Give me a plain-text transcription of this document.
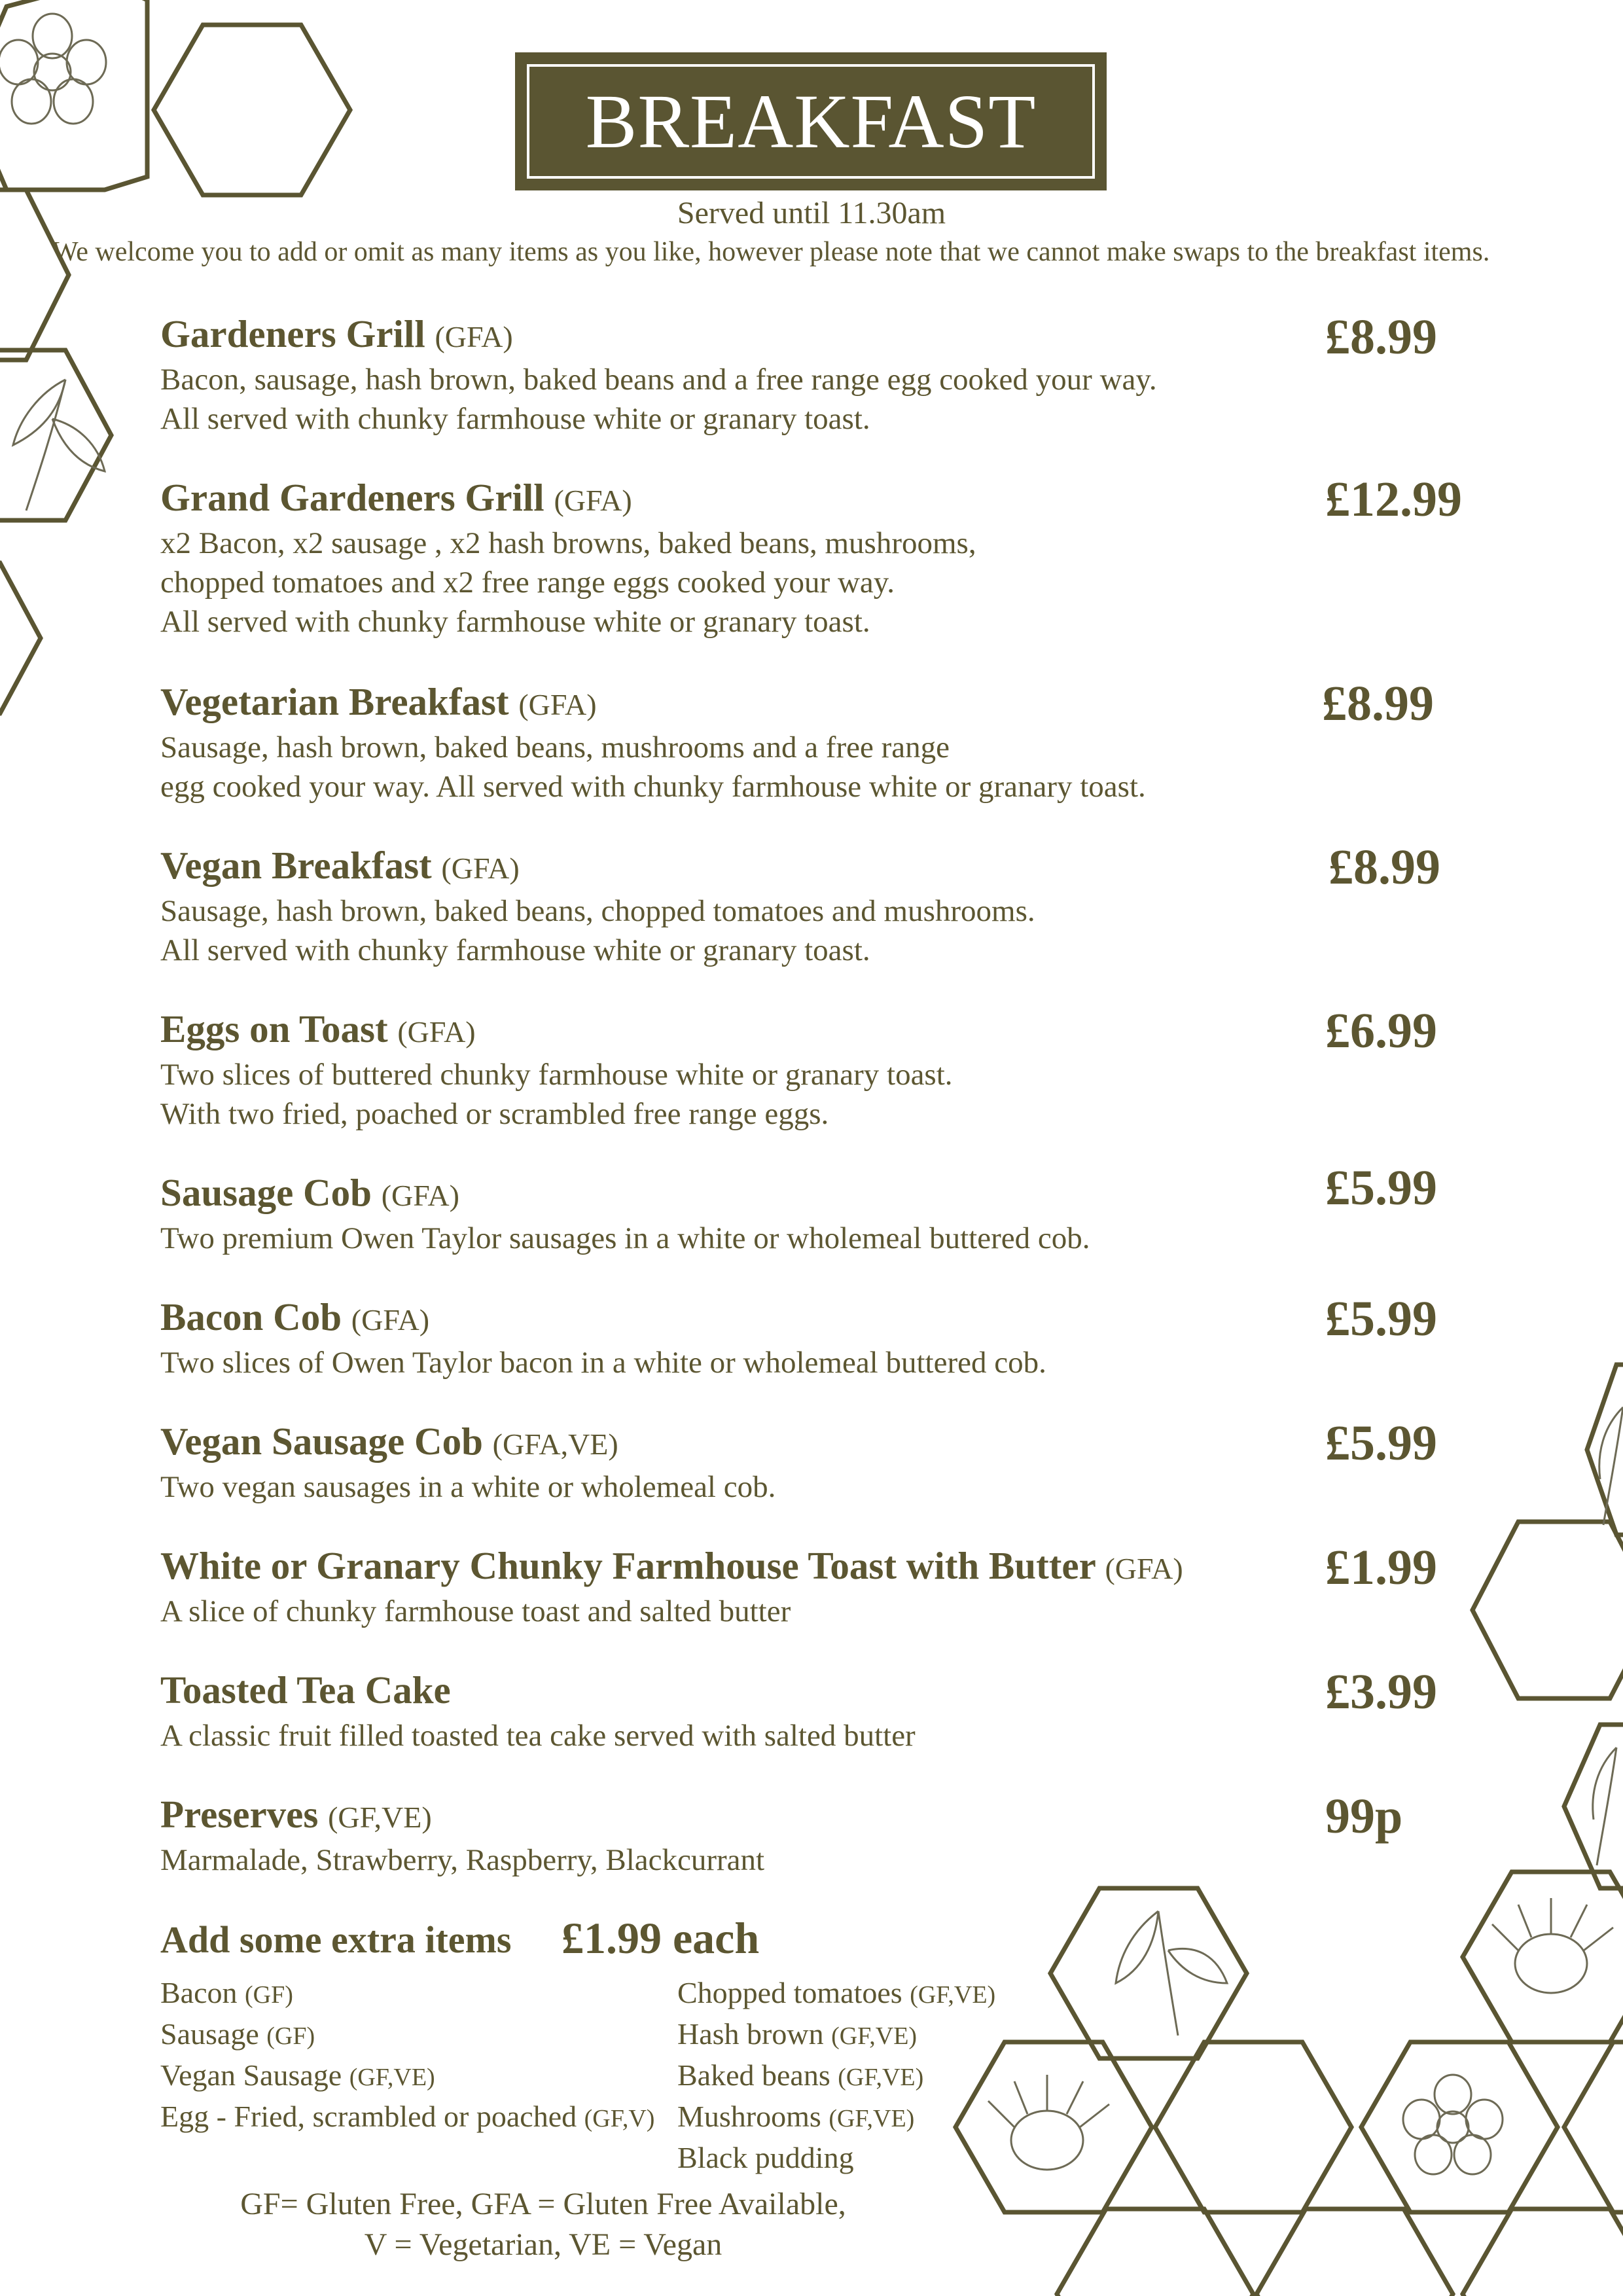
BREAKFAST
Served until 11.30am
We welcome you to add or omit as many items as you like, however please note that we cannot make swaps to the breakfast items.
Gardeners Grill (GFA)
Bacon, sausage, hash brown, baked beans and a free range egg cooked your way.
All served with chunky farmhouse white or granary toast.
£8.99
Grand Gardeners Grill (GFA)
x2 Bacon, x2 sausage , x2 hash browns, baked beans, mushrooms,
chopped tomatoes and x2 free range eggs cooked your way.
All served with chunky farmhouse white or granary toast.
£12.99
Vegetarian Breakfast (GFA)
Sausage, hash brown, baked beans, mushrooms and a free range
egg cooked your way. All served with chunky farmhouse white or granary toast.
£8.99
Vegan Breakfast (GFA)
Sausage, hash brown, baked beans, chopped tomatoes and mushrooms.
All served with chunky farmhouse white or granary toast.
£8.99
Eggs on Toast (GFA)
Two slices of buttered chunky farmhouse white or granary toast.
With two fried, poached or scrambled free range eggs.
£6.99
Sausage Cob (GFA)
Two premium Owen Taylor sausages in a white or wholemeal buttered cob.
£5.99
Bacon Cob (GFA)
Two slices of Owen Taylor bacon in a white or wholemeal buttered cob.
£5.99
Vegan Sausage Cob (GFA,VE)
Two vegan sausages in a white or wholemeal cob.
£5.99
White or Granary Chunky Farmhouse Toast with Butter (GFA)
A slice of chunky farmhouse toast and salted butter
£1.99
Toasted Tea Cake
A classic fruit filled toasted tea cake served with salted butter
£3.99
Preserves (GF,VE)
Marmalade, Strawberry, Raspberry, Blackcurrant
99p
Add some extra items £1.99 each
Bacon (GF)
Sausage (GF)
Vegan Sausage (GF,VE)
Egg - Fried, scrambled or poached (GF,V)
Chopped tomatoes (GF,VE)
Hash brown (GF,VE)
Baked beans (GF,VE)
Mushrooms (GF,VE)
Black pudding
GF= Gluten Free, GFA = Gluten Free Available,
V = Vegetarian, VE = Vegan
